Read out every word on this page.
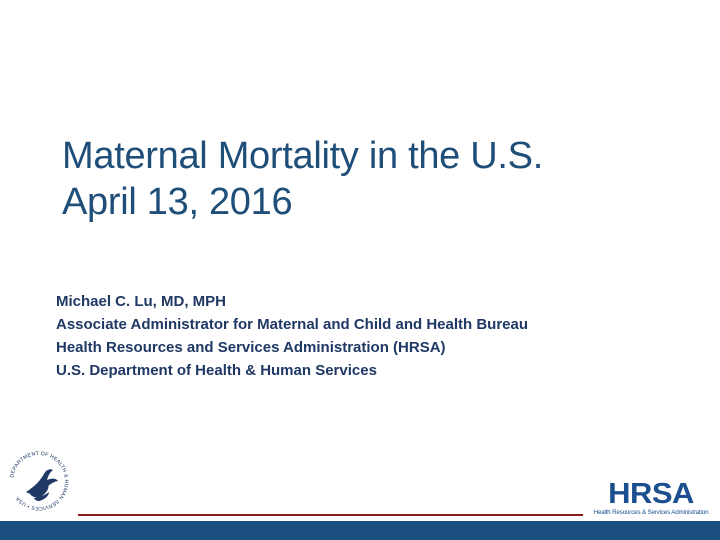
Maternal Mortality in the U.S.
April 13, 2016
Michael C. Lu, MD, MPH
Associate Administrator for Maternal and Child and Health Bureau
Health Resources and Services Administration (HRSA)
U.S. Department of Health & Human Services
DEPARTMENT OF HEALTH & HUMAN SERVICES • USA	HRSA
Health Resources & Services Administration
